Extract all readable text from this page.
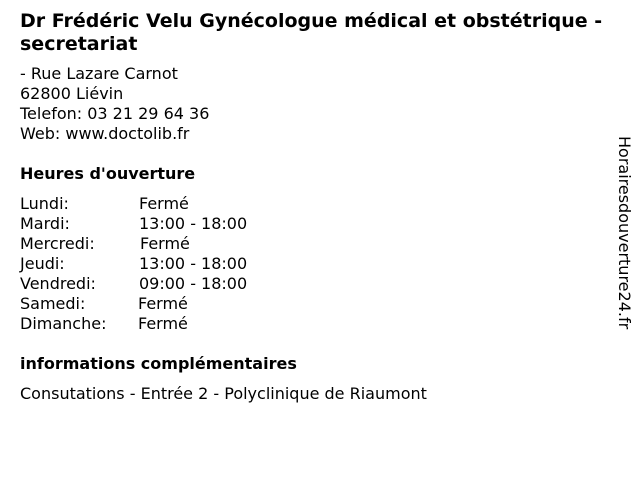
Dr Frédéric Velu Gynécologue médical et obstétrique - secretariat
- Rue Lazare Carnot
62800 Liévin
Telefon: 03 21 29 64 36
Web: www.doctolib.fr
Heures d'ouverture
Lundi:	Fermé
Mardi:	13:00 - 18:00
Mercredi:	Fermé
Jeudi:	13:00 - 18:00
Vendredi:	09:00 - 18:00
Samedi:	Fermé
Dimanche: Fermé
informations complémentaires
Consutations - Entrée 2 - Polyclinique de Riaumont
Horairesdouverture24.fr
